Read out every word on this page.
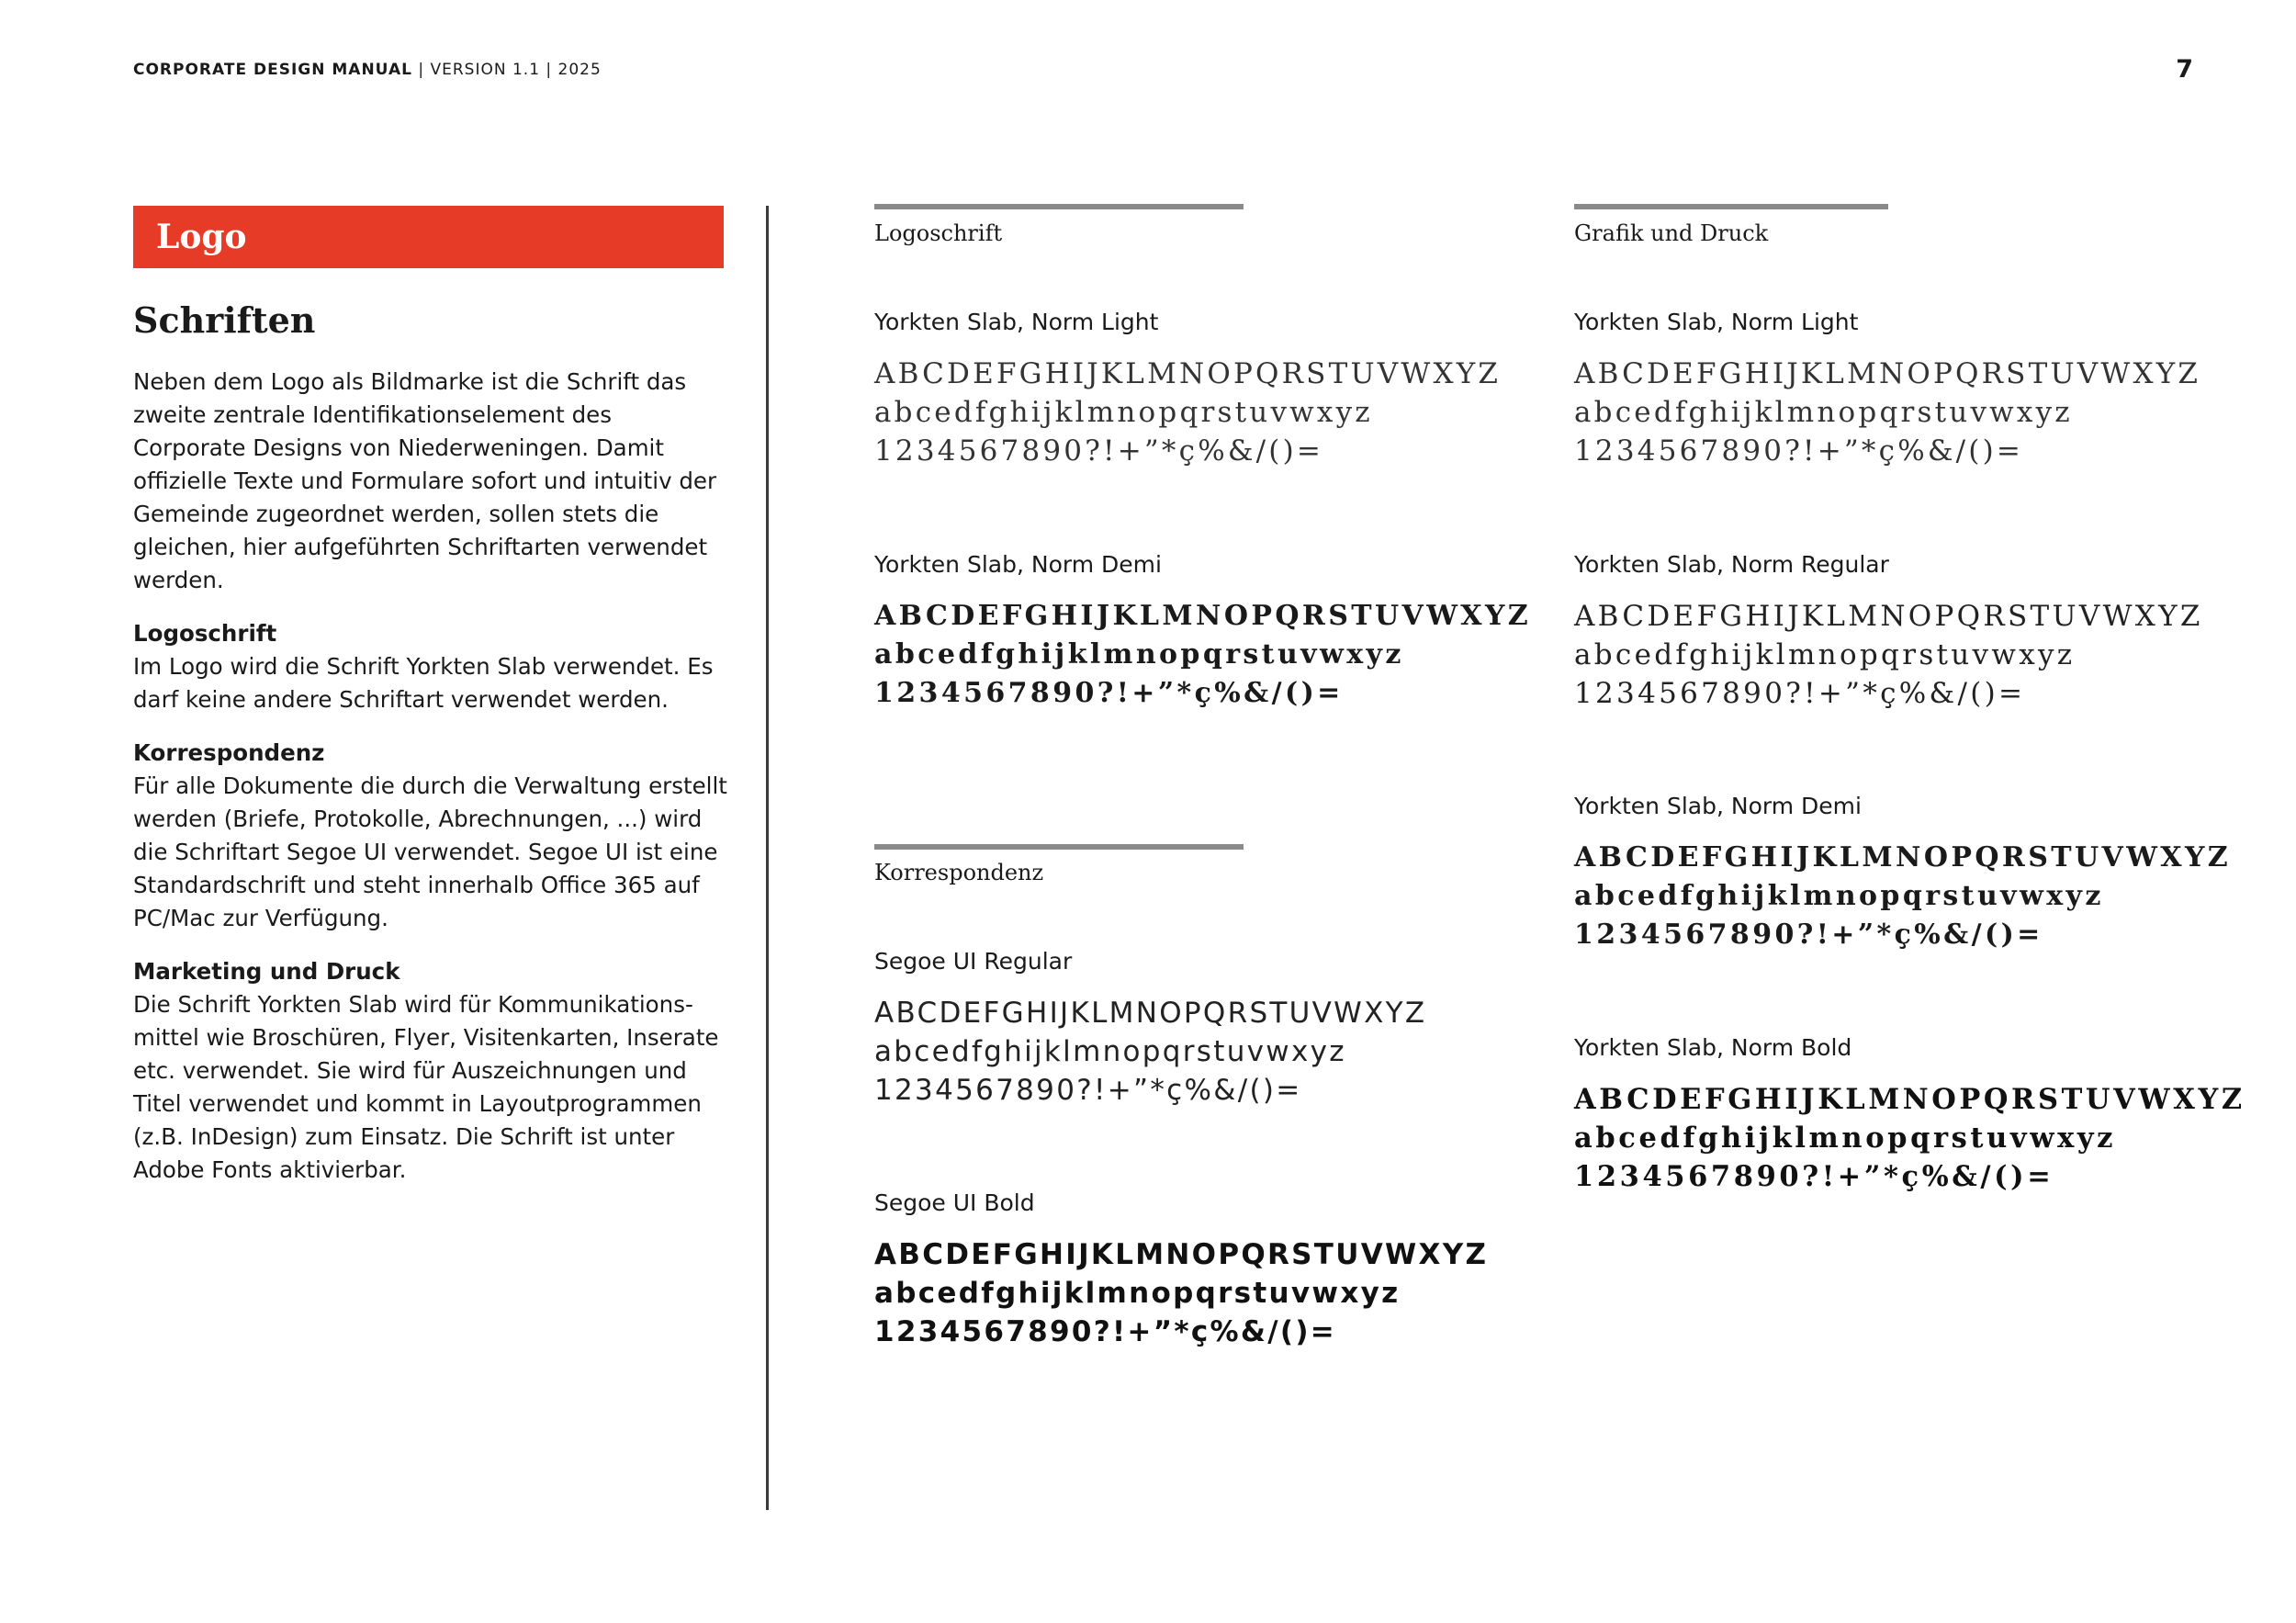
CORPORATE DESIGN MANUAL | VERSION 1.1 | 2025	7
Logo
Schriften

Neben dem Logo als Bildmarke ist die Schrift das zweite zentrale Identifikationselement des Corporate Designs von Niederweningen. Damit offizielle Texte und Formulare sofort und intuitiv der Gemeinde zugeordnet werden, sollen stets die gleichen, hier aufgeführten Schriftarten verwendet werden.

Logoschrift
Im Logo wird die Schrift Yorkten Slab verwendet. Es darf keine andere Schriftart verwendet werden.

Korrespondenz
Für alle Dokumente die durch die Verwaltung erstellt werden (Briefe, Protokolle, Abrechnungen, ...) wird die Schriftart Segoe UI verwendet. Segoe UI ist eine Standardschrift und steht innerhalb Office 365 auf PC/Mac zur Verfügung.

Marketing und Druck
Die Schrift Yorkten Slab wird für Kommunikations-mittel wie Broschüren, Flyer, Visitenkarten, Inserate etc. verwendet. Sie wird für Auszeichnungen und Titel verwendet und kommt in Layoutprogrammen (z.B. InDesign) zum Einsatz. Die Schrift ist unter Adobe Fonts aktivierbar.

Logoschrift
Yorkten Slab, Norm Light
ABCDEFGHIJKLMNOPQRSTUVWXYZ
abcedfghijklmnopqrstuvwxyz
1234567890?!+”*ç%&/()=
Yorkten Slab, Norm Demi
ABCDEFGHIJKLMNOPQRSTUVWXYZ
abcedfghijklmnopqrstuvwxyz
1234567890?!+”*ç%&/()=
Korrespondenz
Segoe UI Regular
ABCDEFGHIJKLMNOPQRSTUVWXYZ
abcedfghijklmnopqrstuvwxyz
1234567890?!+”*ç%&/()=
Segoe UI Bold
ABCDEFGHIJKLMNOPQRSTUVWXYZ
abcedfghijklmnopqrstuvwxyz
1234567890?!+”*ç%&/()=
Grafik und Druck
Yorkten Slab, Norm Light
ABCDEFGHIJKLMNOPQRSTUVWXYZ
abcedfghijklmnopqrstuvwxyz
1234567890?!+”*ç%&/()=
Yorkten Slab, Norm Regular
ABCDEFGHIJKLMNOPQRSTUVWXYZ
abcedfghijklmnopqrstuvwxyz
1234567890?!+”*ç%&/()=
Yorkten Slab, Norm Demi
ABCDEFGHIJKLMNOPQRSTUVWXYZ
abcedfghijklmnopqrstuvwxyz
1234567890?!+”*ç%&/()=
Yorkten Slab, Norm Bold
ABCDEFGHIJKLMNOPQRSTUVWXYZ
abcedfghijklmnopqrstuvwxyz
1234567890?!+”*ç%&/()=
